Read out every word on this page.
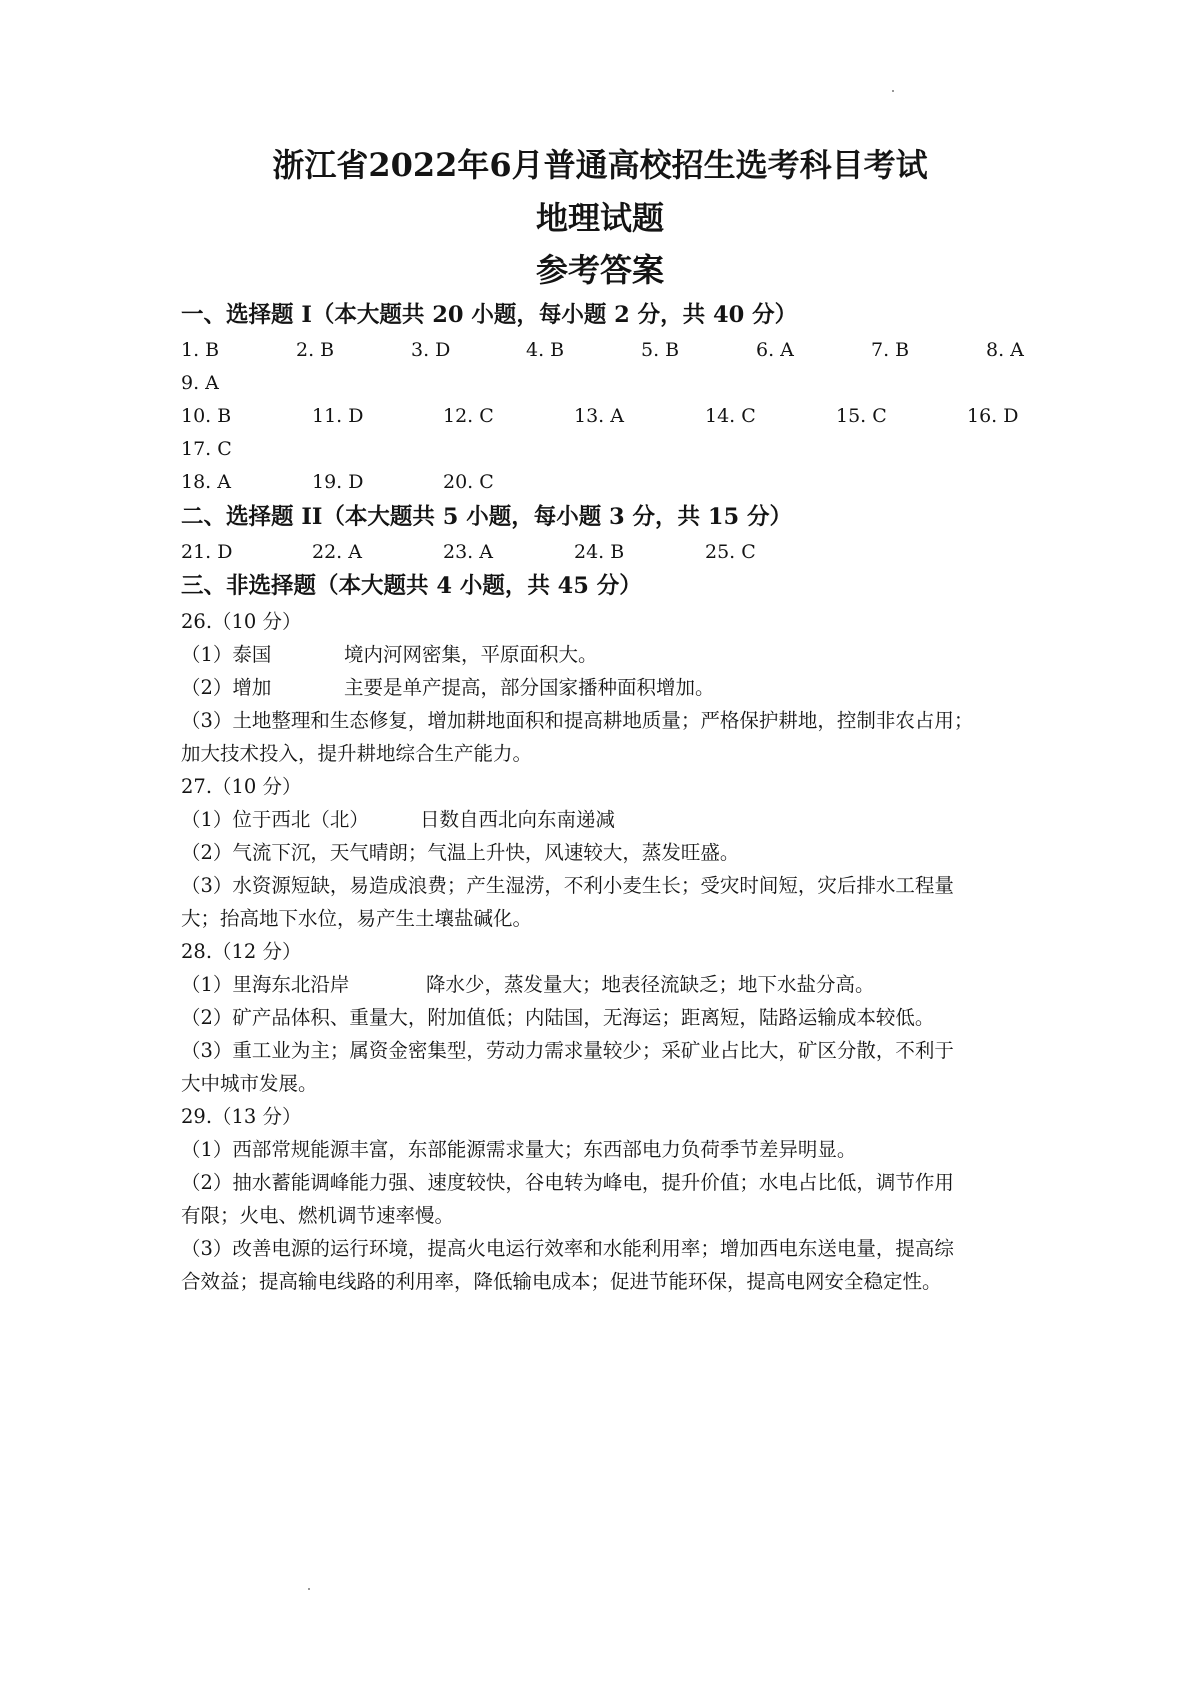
浙江省2022年6月普通高校招生选考科目考试
地理试题
参考答案
一、选择题 I（本大题共 20 小题，每小题 2 分，共 40 分）
1. B	2. B	3. D	4. B	5. B	6. A	7. B	8. A
9. A
10. B	11. D	12. C	13. A	14. C	15. C	16. D
17. C
18. A	19. D	20. C
二、选择题 II（本大题共 5 小题，每小题 3 分，共 15 分）
21. D	22. A	23. A	24. B	25. C
三、非选择题（本大题共 4 小题，共 45 分）
26.（10 分）
（1）泰国	境内河网密集，平原面积大。
（2）增加	主要是单产提高，部分国家播种面积增加。
（3）土地整理和生态修复，增加耕地面积和提高耕地质量；严格保护耕地，控制非农占用；
加大技术投入，提升耕地综合生产能力。
27.（10 分）
（1）位于西北（北）	日数自西北向东南递减
（2）气流下沉，天气晴朗；气温上升快，风速较大，蒸发旺盛。
（3）水资源短缺，易造成浪费；产生湿涝，不利小麦生长；受灾时间短，灾后排水工程量
大；抬高地下水位，易产生土壤盐碱化。
28.（12 分）
（1）里海东北沿岸	降水少，蒸发量大；地表径流缺乏；地下水盐分高。
（2）矿产品体积、重量大，附加值低；内陆国，无海运；距离短，陆路运输成本较低。
（3）重工业为主；属资金密集型，劳动力需求量较少；采矿业占比大，矿区分散，不利于
大中城市发展。
29.（13 分）
（1）西部常规能源丰富，东部能源需求量大；东西部电力负荷季节差异明显。
（2）抽水蓄能调峰能力强、速度较快，谷电转为峰电，提升价值；水电占比低，调节作用
有限；火电、燃机调节速率慢。
（3）改善电源的运行环境，提高火电运行效率和水能利用率；增加西电东送电量，提高综
合效益；提高输电线路的利用率，降低输电成本；促进节能环保，提高电网安全稳定性。
